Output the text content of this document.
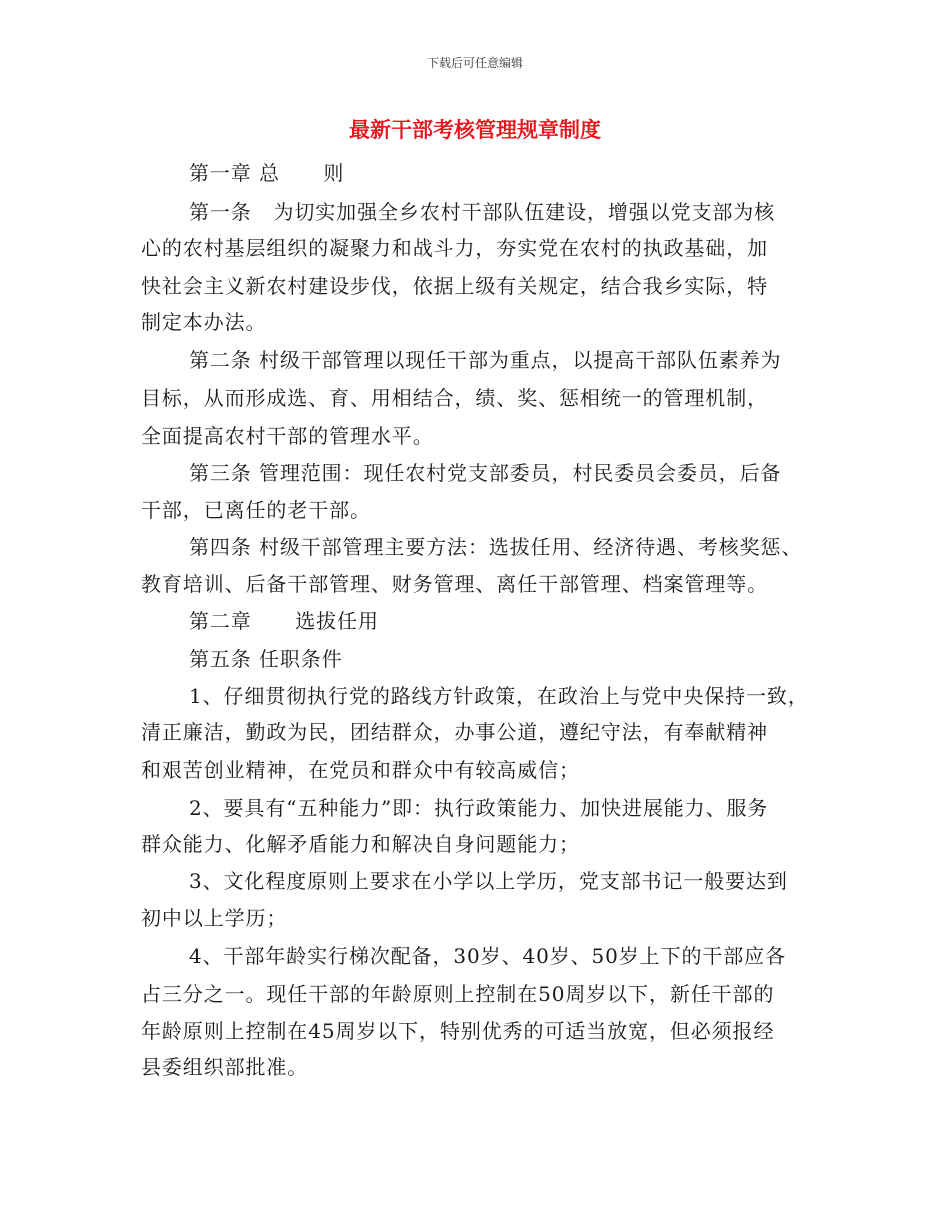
下载后可任意编辑
最新干部考核管理规章制度
第一章 总      则
第一条   为切实加强全乡农村干部队伍建设，增强以党支部为核
心的农村基层组织的凝聚力和战斗力，夯实党在农村的执政基础，加
快社会主义新农村建设步伐，依据上级有关规定，结合我乡实际，特
制定本办法。
第二条 村级干部管理以现任干部为重点，以提高干部队伍素养为
目标，从而形成选、育、用相结合，绩、奖、惩相统一的管理机制，
全面提高农村干部的管理水平。
第三条 管理范围：现任农村党支部委员，村民委员会委员，后备
干部，已离任的老干部。
第四条 村级干部管理主要方法：选拔任用、经济待遇、考核奖惩、
教育培训、后备干部管理、财务管理、离任干部管理、档案管理等。
第二章      选拔任用
第五条 任职条件
1、仔细贯彻执行党的路线方针政策，在政治上与党中央保持一致，
清正廉洁，勤政为民，团结群众，办事公道，遵纪守法，有奉献精神
和艰苦创业精神，在党员和群众中有较高威信；
2、要具有“五种能力”即：执行政策能力、加快进展能力、服务
群众能力、化解矛盾能力和解决自身问题能力；
3、文化程度原则上要求在小学以上学历，党支部书记一般要达到
初中以上学历；
4、干部年龄实行梯次配备，30岁、40岁、50岁上下的干部应各
占三分之一。现任干部的年龄原则上控制在50周岁以下，新任干部的
年龄原则上控制在45周岁以下，特别优秀的可适当放宽，但必须报经
县委组织部批准。
